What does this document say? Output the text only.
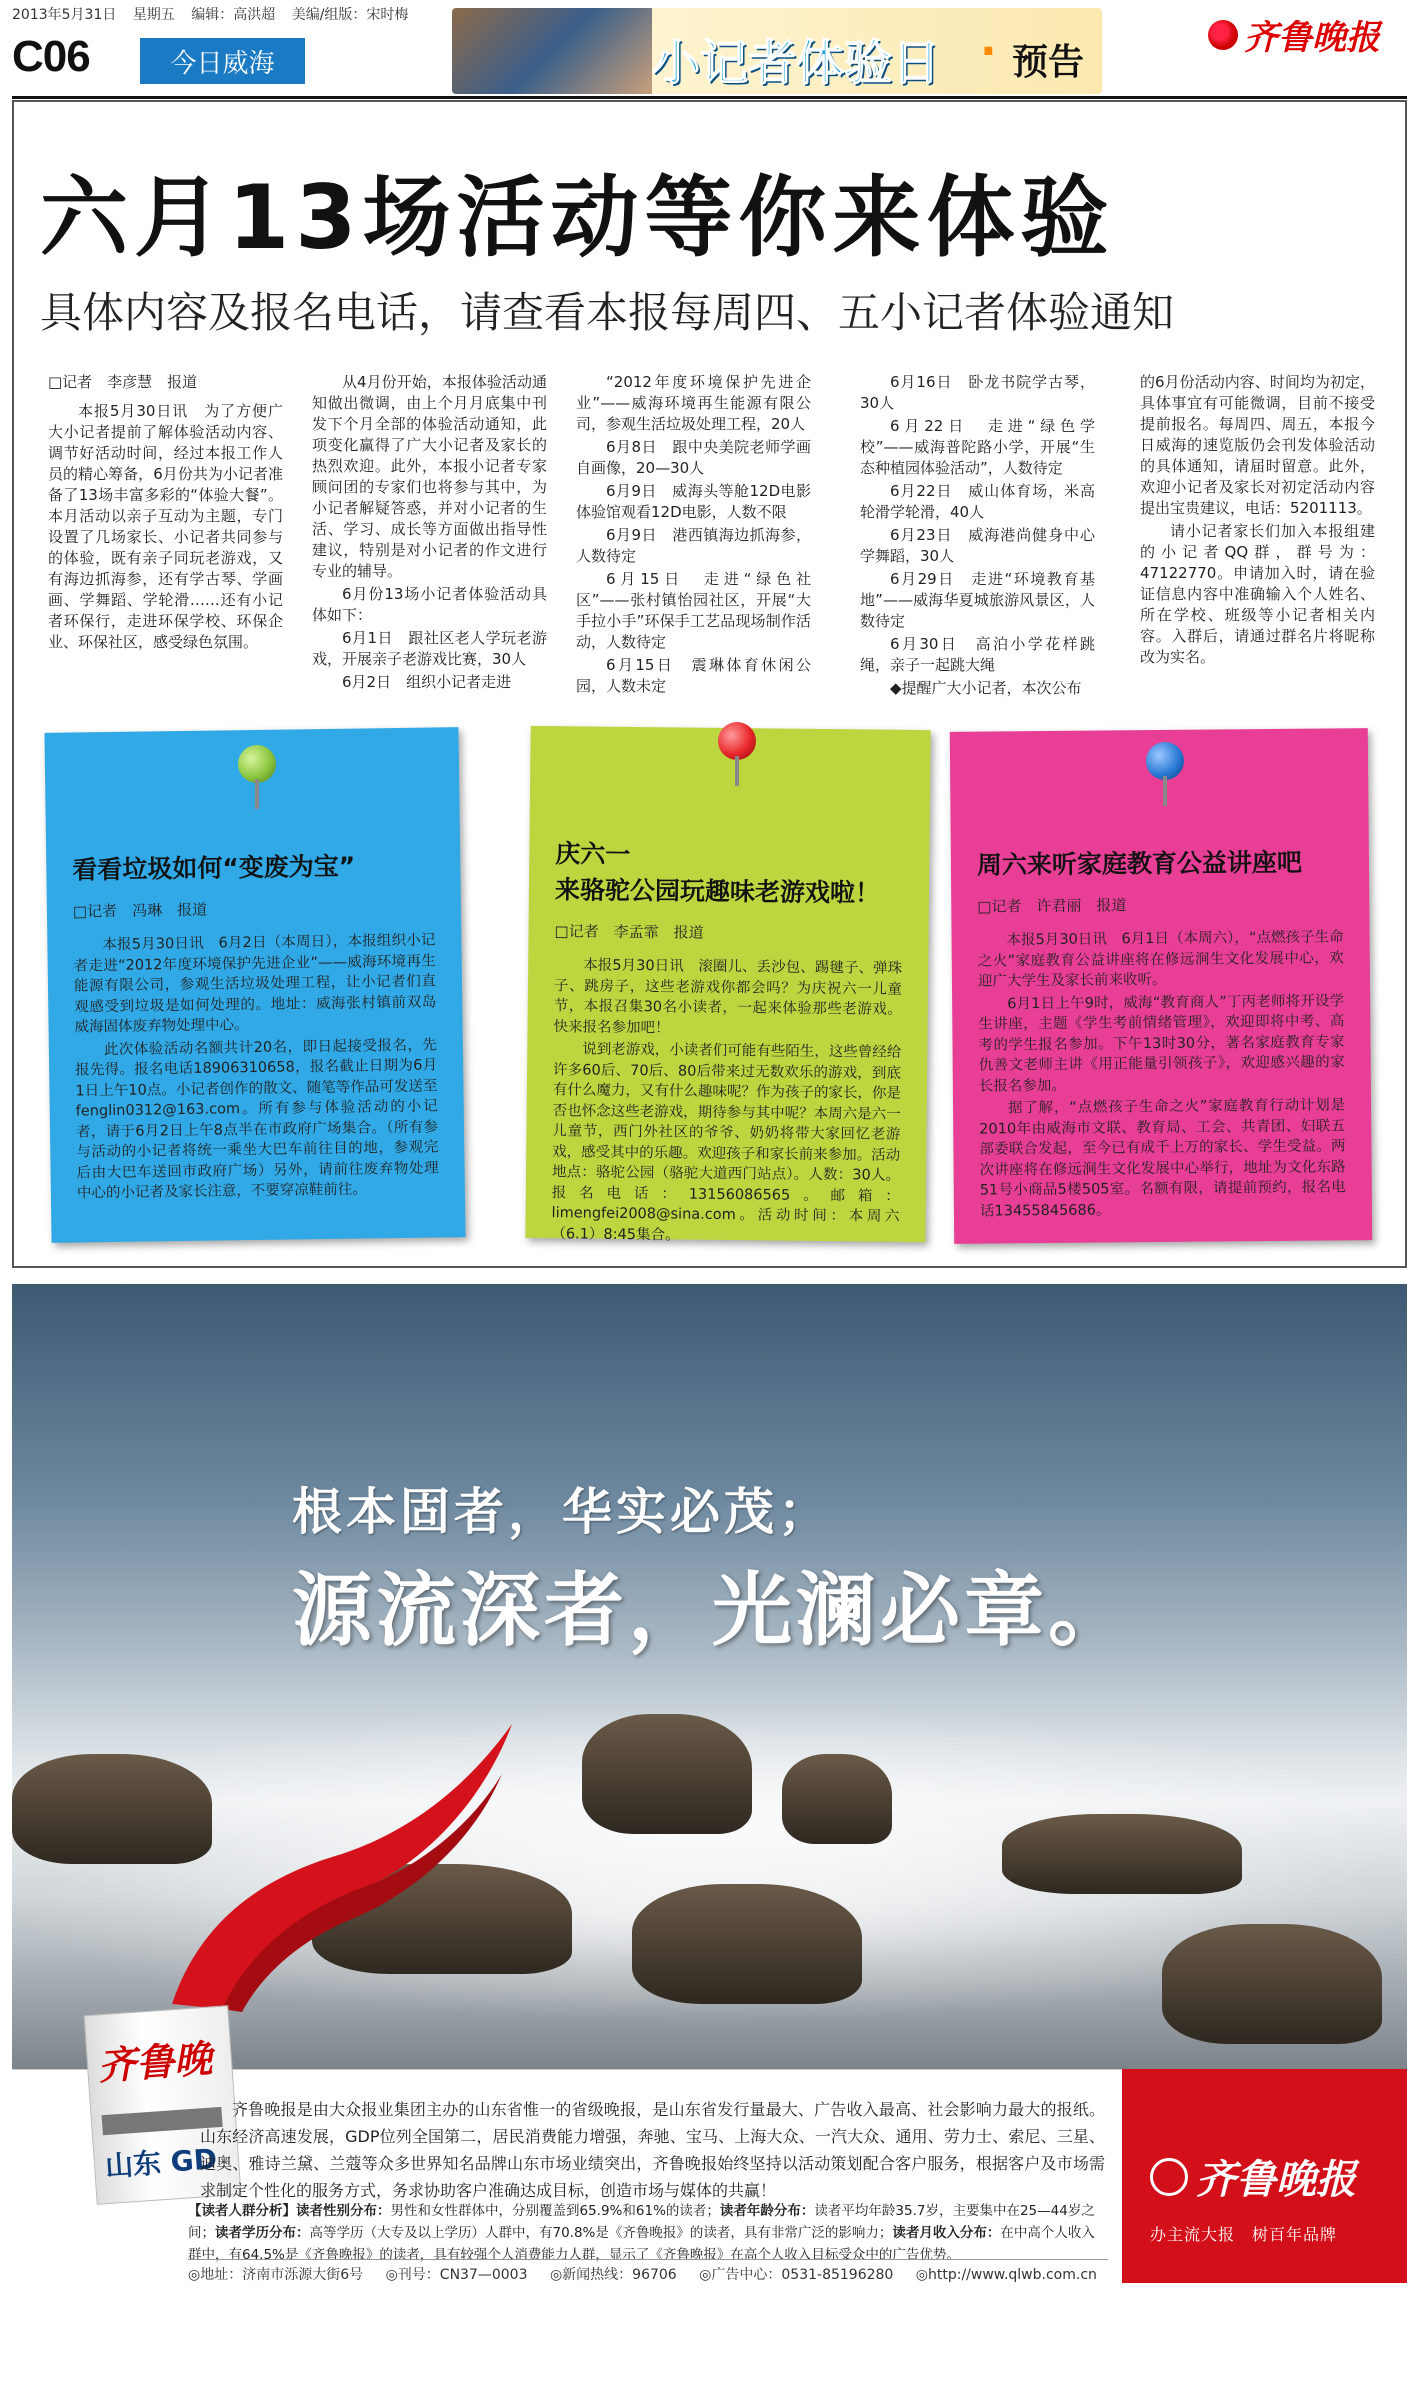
2013年5月31日 星期五 编辑：高洪超 美编/组版：宋时梅
C06	今日威海	小记者体验日 · 预告
齐鲁晚报
六月13场活动等你来体验
具体内容及报名电话，请查看本报每周四、五小记者体验通知
□记者　李彦慧　报道

本报5月30日讯　为了方便广大小记者提前了解体验活动内容、调节好活动时间，经过本报工作人员的精心筹备，6月份共为小记者准备了13场丰富多彩的“体验大餐”。本月活动以亲子互动为主题，专门设置了几场家长、小记者共同参与的体验，既有亲子同玩老游戏，又有海边抓海参，还有学古琴、学画画、学舞蹈、学轮滑……还有小记者环保行，走进环保学校、环保企业、环保社区，感受绿色氛围。

从4月份开始，本报体验活动通知做出微调，由上个月月底集中刊发下个月全部的体验活动通知，此项变化赢得了广大小记者及家长的热烈欢迎。此外，本报小记者专家顾问团的专家们也将参与其中，为小记者解疑答惑，并对小记者的生活、学习、成长等方面做出指导性建议，特别是对小记者的作文进行专业的辅导。

6月份13场小记者体验活动具体如下：

6月1日　跟社区老人学玩老游戏，开展亲子老游戏比赛，30人

6月2日　组织小记者走进

“2012年度环境保护先进企业”——威海环境再生能源有限公司，参观生活垃圾处理工程，20人

6月8日　跟中央美院老师学画自画像，20—30人

6月9日　威海头等舱12D电影体验馆观看12D电影，人数不限

6月9日　港西镇海边抓海参，人数待定

6月15日　走进“绿色社区”——张村镇怡园社区，开展“大手拉小手”环保手工艺品现场制作活动，人数待定

6月15日　震琳体育休闲公园，人数未定

6月16日　卧龙书院学古琴，30人

6月22日　走进“绿色学校”——威海普陀路小学，开展“生态种植园体验活动”，人数待定

6月22日　威山体育场，米高轮滑学轮滑，40人

6月23日　威海港尚健身中心学舞蹈，30人

6月29日　走进“环境教育基地”——威海华夏城旅游风景区，人数待定

6月30日　高泊小学花样跳绳，亲子一起跳大绳

◆提醒广大小记者，本次公布

的6月份活动内容、时间均为初定，具体事宜有可能微调，目前不接受提前报名。每周四、周五，本报今日威海的速览版仍会刊发体验活动的具体通知，请届时留意。此外，欢迎小记者及家长对初定活动内容提出宝贵建议，电话：5201113。

请小记者家长们加入本报组建的小记者QQ群，群号为：47122770。申请加入时，请在验证信息内容中准确输入个人姓名、所在学校、班级等小记者相关内容。入群后，请通过群名片将昵称改为实名。

看看垃圾如何“变废为宝”
□记者　冯琳　报道

本报5月30日讯　6月2日（本周日），本报组织小记者走进“2012年度环境保护先进企业”——威海环境再生能源有限公司，参观生活垃圾处理工程，让小记者们直观感受到垃圾是如何处理的。地址：威海张村镇前双岛威海固体废弃物处理中心。

此次体验活动名额共计20名，即日起接受报名，先报先得。报名电话18906310658，报名截止日期为6月1日上午10点。小记者创作的散文、随笔等作品可发送至fenglin0312@163.com。所有参与体验活动的小记者，请于6月2日上午8点半在市政府广场集合。（所有参与活动的小记者将统一乘坐大巴车前往目的地，参观完后由大巴车送回市政府广场）另外，请前往废弃物处理中心的小记者及家长注意，不要穿凉鞋前往。

庆六一
来骆驼公园玩趣味老游戏啦！
□记者　李孟霏　报道

本报5月30日讯　滚圈儿、丢沙包、踢毽子、弹珠子、跳房子，这些老游戏你都会吗？为庆祝六一儿童节，本报召集30名小读者，一起来体验那些老游戏。快来报名参加吧！

说到老游戏，小读者们可能有些陌生，这些曾经给许多60后、70后、80后带来过无数欢乐的游戏，到底有什么魔力，又有什么趣味呢？作为孩子的家长，你是否也怀念这些老游戏，期待参与其中呢？本周六是六一儿童节，西门外社区的爷爷、奶奶将带大家回忆老游戏，感受其中的乐趣。欢迎孩子和家长前来参加。活动地点：骆驼公园（骆驼大道西门站点）。人数：30人。报名电话：13156086565。邮箱：limengfei2008@sina.com。活动时间：本周六（6.1）8:45集合。

周六来听家庭教育公益讲座吧
□记者　许君丽　报道

本报5月30日讯　6月1日（本周六），“点燃孩子生命之火”家庭教育公益讲座将在修远涧生文化发展中心，欢迎广大学生及家长前来收听。

6月1日上午9时，威海“教育商人”丁丙老师将开设学生讲座，主题《学生考前情绪管理》，欢迎即将中考、高考的学生报名参加。下午13时30分，著名家庭教育专家仇善文老师主讲《用正能量引领孩子》，欢迎感兴趣的家长报名参加。

据了解，“点燃孩子生命之火”家庭教育行动计划是2010年由威海市文联、教育局、工会、共青团、妇联五部委联合发起，至今已有成千上万的家长、学生受益。两次讲座将在修远涧生文化发展中心举行，地址为文化东路51号小商品5楼505室。名额有限，请提前预约，报名电话13455845686。

根本固者，华实必茂；
源流深者，光澜必章。
齐鲁晚
山东 GD

齐鲁晚报是由大众报业集团主办的山东省惟一的省级晚报，是山东省发行量最大、广告收入最高、社会影响力最大的报纸。山东经济高速发展，GDP位列全国第二，居民消费能力增强，奔驰、宝马、上海大众、一汽大众、通用、劳力士、索尼、三星、迪奥、雅诗兰黛、兰蔻等众多世界知名品牌山东市场业绩突出，齐鲁晚报始终坚持以活动策划配合客户服务，根据客户及市场需求制定个性化的服务方式，务求协助客户准确达成目标，创造市场与媒体的共赢！

【读者人群分析】读者性别分布：男性和女性群体中，分别覆盖到65.9%和61%的读者；读者年龄分布：读者平均年龄35.7岁，主要集中在25—44岁之间；读者学历分布：高等学历（大专及以上学历）人群中，有70.8%是《齐鲁晚报》的读者，具有非常广泛的影响力；读者月收入分布：在中高个人收入群中，有64.5%是《齐鲁晚报》的读者，具有较强个人消费能力人群，显示了《齐鲁晚报》在高个人收入目标受众中的广告优势。
◎地址：济南市泺源大街6号 ◎刊号：CN37—0003 ◎新闻热线：96706 ◎广告中心：0531-85196280 ◎http://www.qlwb.com.cn
齐鲁晚报
办主流大报　树百年品牌
